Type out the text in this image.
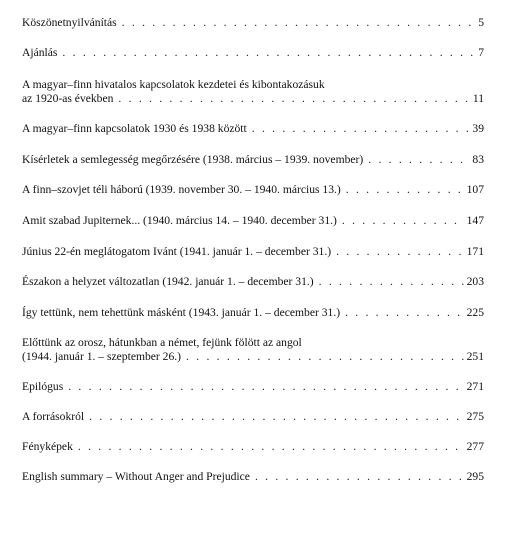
Köszönetnyilvánítás . . .	5
Ajánlás . . .	7
A magyar–finn hivatalos kapcsolatok kezdetei és kibontakozásuk
az 1920-as években . . .	11
A magyar–finn kapcsolatok 1930 és 1938 között . . .	39
Kísérletek a semlegesség megőrzésére (1938. március – 1939. november) . . .	83
A finn–szovjet téli háború (1939. november 30. – 1940. március 13.) . . .	107
Amit szabad Jupiternek... (1940. március 14. – 1940. december 31.) . . .	147
Június 22-én meglátogatom Ivánt (1941. január 1. – december 31.) . . .	171
Északon a helyzet változatlan (1942. január 1. – december 31.) . . .	203
Így tettünk, nem tehettünk másként (1943. január 1. – december 31.) . . .	225
Előttünk az orosz, hátunkban a német, fejünk fölött az angol
(1944. január 1. – szeptember 26.) . . .	251
Epilógus . . .	271
A forrásokról . . .	275
Fényképek . . .	277
English summary – Without Anger and Prejudice . . .	295
